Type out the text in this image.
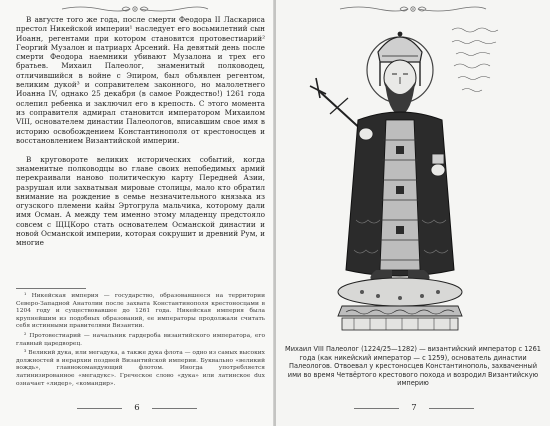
В августе того же года, после смерти Феодора II Ласкариса престол Никейской империи¹ наследует его восьмилетний сын Иоанн, регентами при котором становятся протовестиарий² Георгий Музалон и патриарх Арсений. На девятый день после смерти Феодора наемники убивают Музалона и трех его братьев. Михаил Палеолог, знаменитый полководец, отличившийся в войне с Эпиром, был объявлен регентом, великим дукой³ и соправителем законного, но малолетнего Иоанна IV, однако 25 декабря (в самое Рождество!) 1261 года ослепил ребенка и заключил его в крепость. С этого момента из соправителя адмирал становится императором Михаилом VIII, основателем династии Палеологов, вписавшим свое имя в историю освобождением Константинополя от крестоносцев и восстановлением Византийской империи.

В круговороте великих исторических событий, когда знаменитые полководцы во главе своих непобедимых армий перекраивали наново политическую карту Передней Азии, разрушая или захватывая мировые столицы, мало кто обратил внимание на рождение в семье незначительного князька из огузского племени кайы Эртогрула мальчика, которому дали имя Осман. А между тем именно этому младенцу предстояло совсем с ЩЦКоро стать основателем Османской династии и новой Османской империи, которая сокрушит и древний Рум, и многие

¹ Никейская империя — государство, образовавшееся на территории Северо-Западной Анатолии после захвата Константинополя крестоносцами в 1204 году и существовавшее до 1261 года. Никейская империя была крупнейшим из подобных образований, ее императоры продолжали считать себя истинными правителями Византии.

² Протовестиарий — начальник гардероба византийского императора, его главный царедворец.

³ Великий дука, или мегадука, а также дука флота — одно из самых высоких должностей в иерархии поздней Византийской империи. Буквально «великий вождь», главнокомандующий флотом. Иногда употребляется латинизированное «мегадукс». Греческое слово «дука» или латинское dux означает «лидер», «командир».

6
Михаил VIII Палеолог (1224/25—1282) — византийский император с 1261 года (как никейский император — с 1259), основатель династии Палеологов. Отвоевал у крестоносцев Константинополь, захваченный ими во время Четвёртого крестового похода и возродил Византийскую империю
7
